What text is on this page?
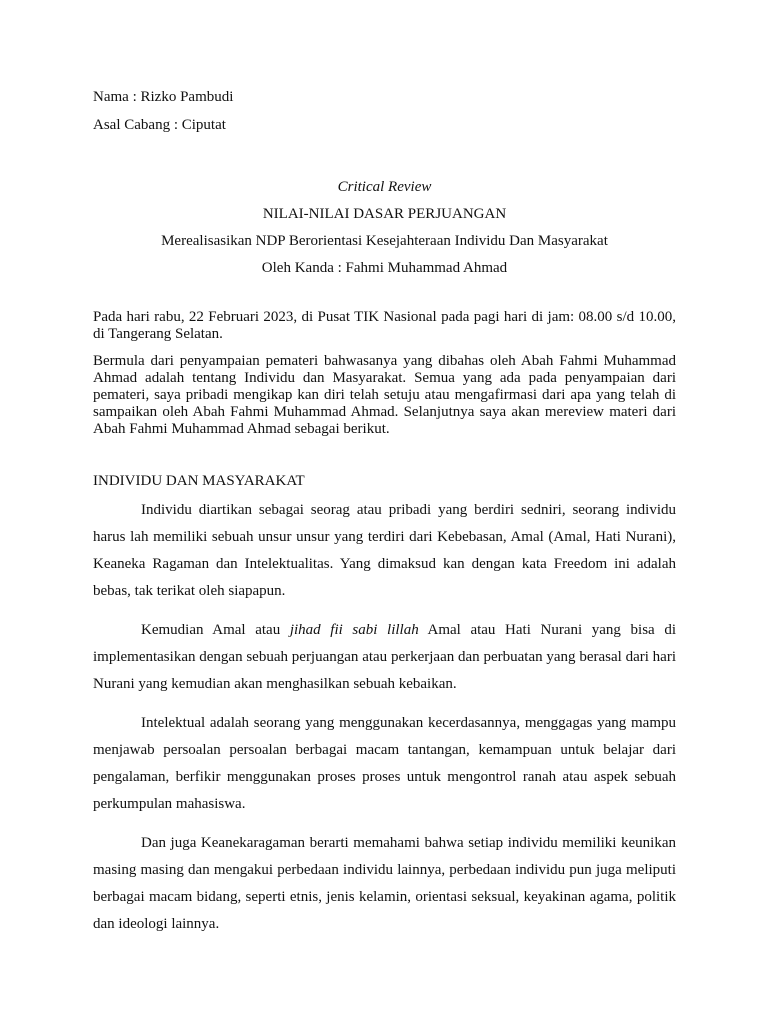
Nama : Rizko Pambudi

Asal Cabang : Ciputat

Critical Review
NILAI-NILAI DASAR PERJUANGAN
Merealisasikan NDP Berorientasi Kesejahteraan Individu Dan Masyarakat
Oleh Kanda : Fahmi Muhammad Ahmad

Pada hari rabu, 22 Februari 2023, di Pusat TIK Nasional pada pagi hari di jam: 08.00 s/d 10.00, di Tangerang Selatan.

Bermula dari penyampaian pemateri bahwasanya yang dibahas oleh Abah Fahmi Muhammad Ahmad adalah tentang Individu dan Masyarakat. Semua yang ada pada penyampaian dari pemateri, saya pribadi mengikap kan diri telah setuju atau mengafirmasi dari apa yang telah di sampaikan oleh Abah Fahmi Muhammad Ahmad. Selanjutnya saya akan mereview materi dari Abah Fahmi Muhammad Ahmad sebagai berikut.

INDIVIDU DAN MASYARAKAT

Individu diartikan sebagai seorag atau pribadi yang berdiri sedniri, seorang individu harus lah memiliki sebuah unsur unsur yang terdiri dari Kebebasan, Amal (Amal, Hati Nurani), Keaneka Ragaman dan Intelektualitas. Yang dimaksud kan dengan kata Freedom ini adalah bebas, tak terikat oleh siapapun.

Kemudian Amal atau jihad fii sabi lillah Amal atau Hati Nurani yang bisa di implementasikan dengan sebuah perjuangan atau perkerjaan dan perbuatan yang berasal dari hari Nurani yang kemudian akan menghasilkan sebuah kebaikan.

Intelektual adalah seorang yang menggunakan kecerdasannya, menggagas yang mampu menjawab persoalan persoalan berbagai macam tantangan, kemampuan untuk belajar dari pengalaman, berfikir menggunakan proses proses untuk mengontrol ranah atau aspek sebuah perkumpulan mahasiswa.

Dan juga Keanekaragaman berarti memahami bahwa setiap individu memiliki keunikan masing masing dan mengakui perbedaan individu lainnya, perbedaan individu pun juga meliputi berbagai macam bidang, seperti etnis, jenis kelamin, orientasi seksual, keyakinan agama, politik dan ideologi lainnya.
